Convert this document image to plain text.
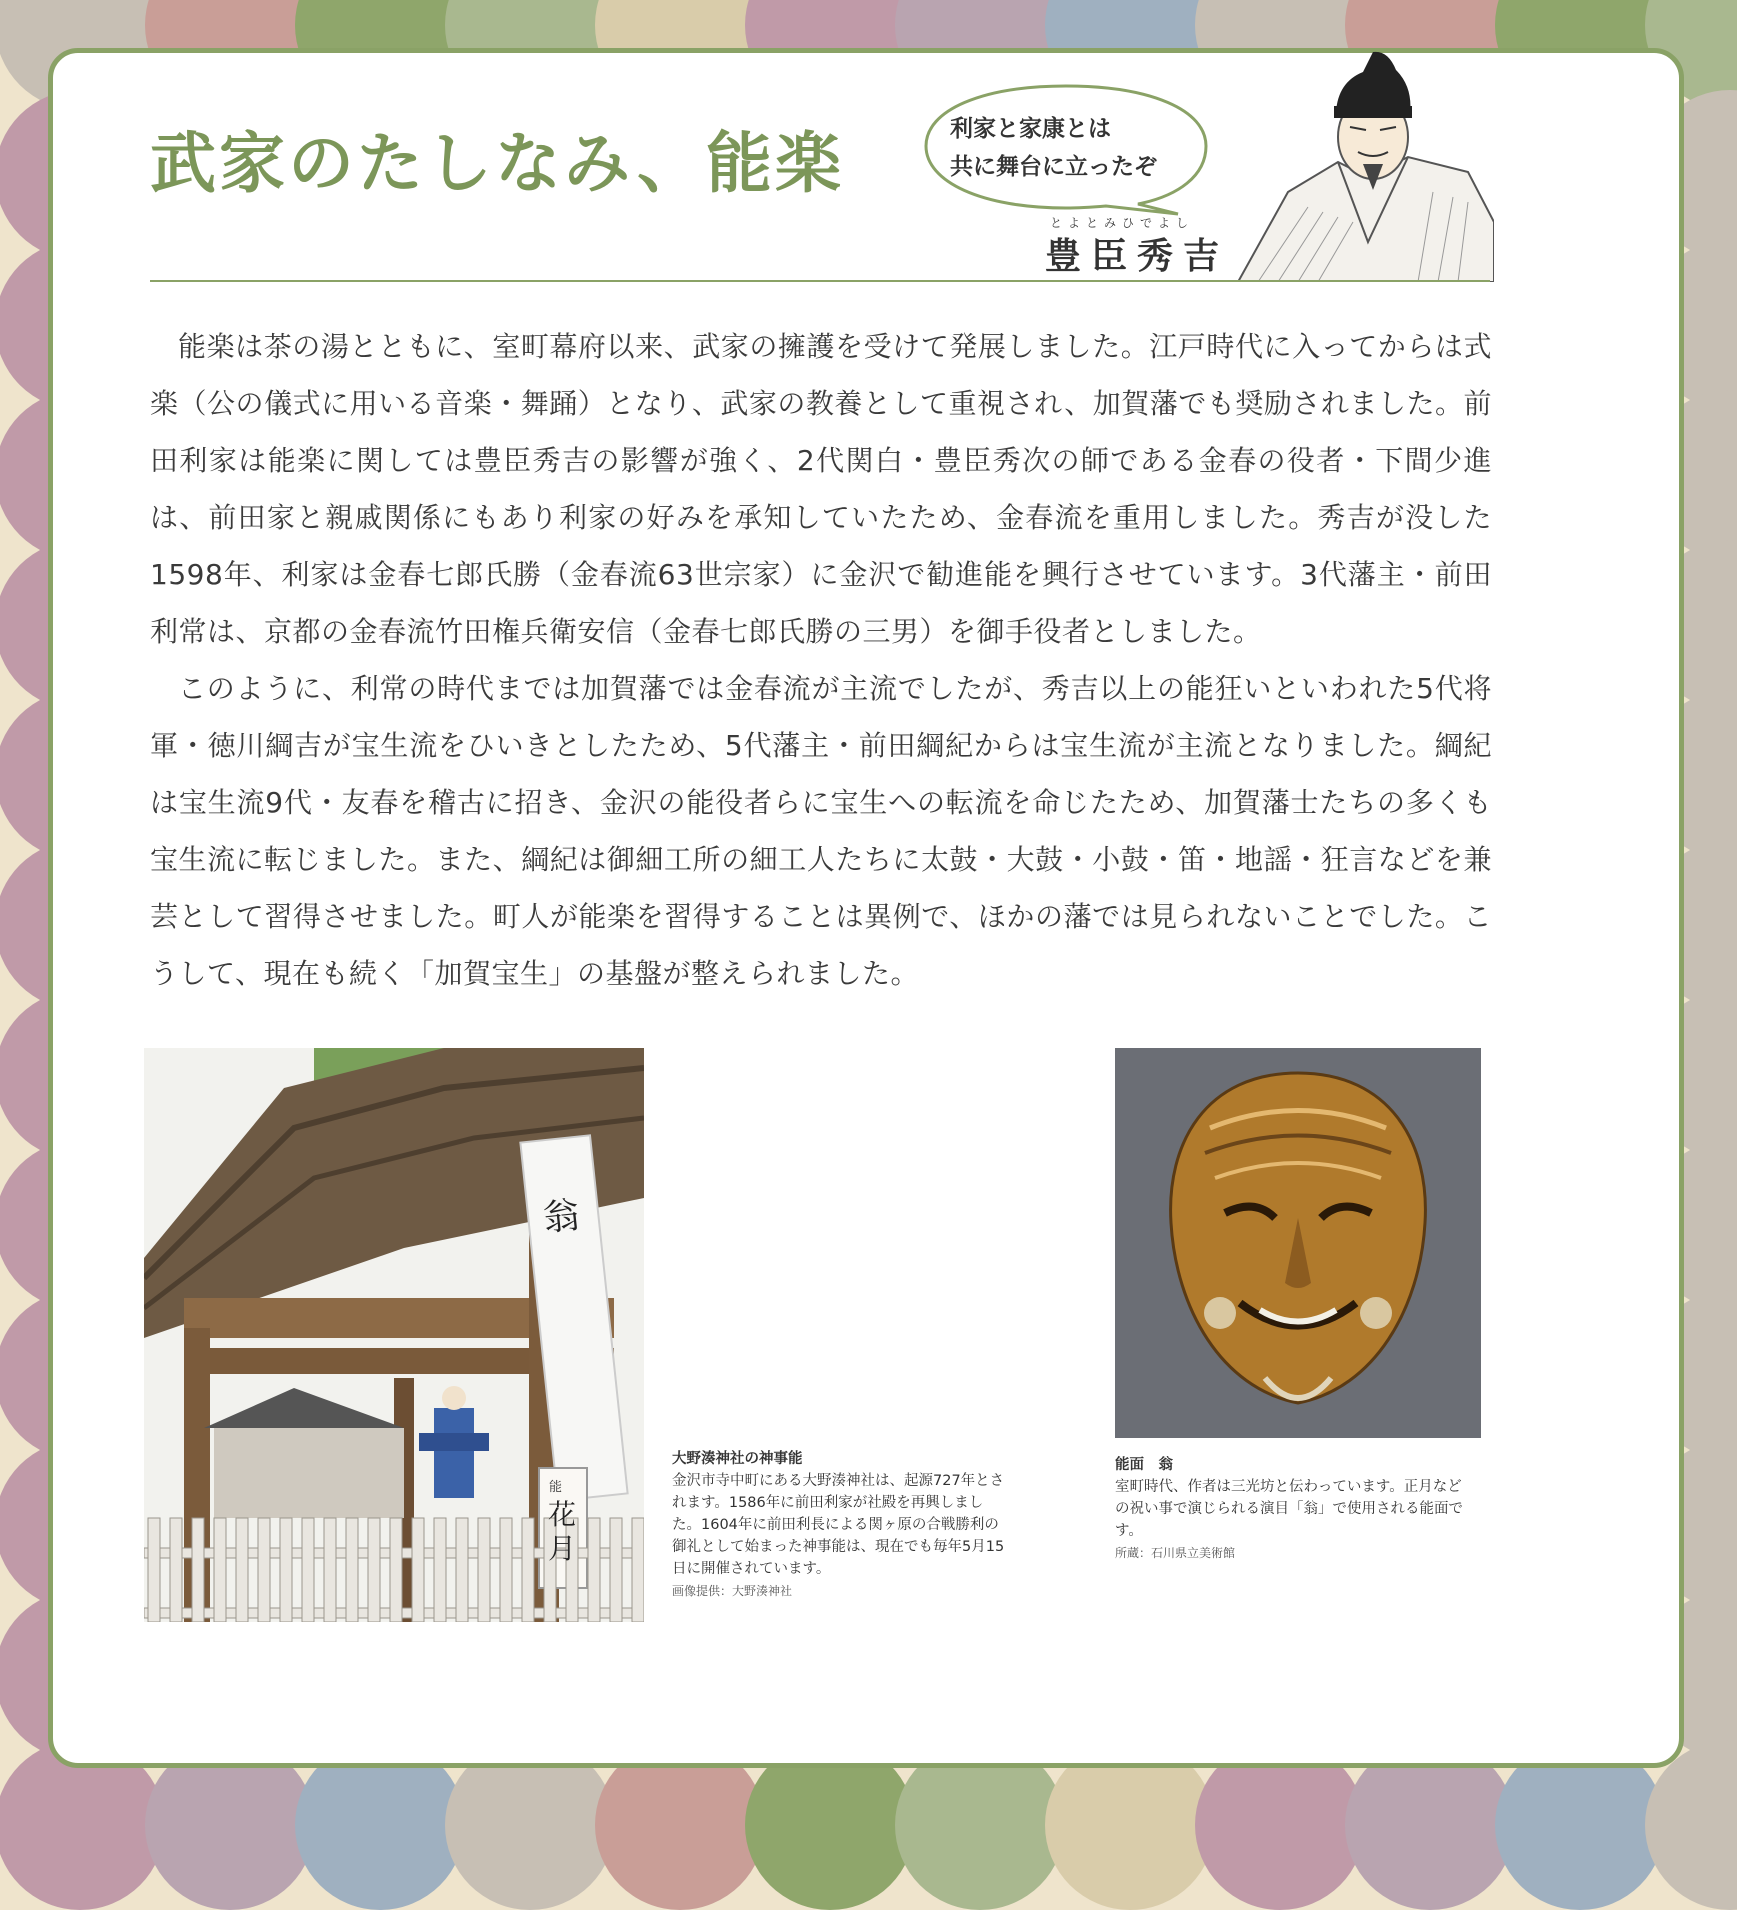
武家のたしなみ、能楽	利家と家康とは
共に舞台に立ったぞ

とよとみひでよし
豊臣秀吉

能楽は茶の湯とともに、室町幕府以来、武家の擁護を受けて発展しました。江戸時代に入ってからは式楽（公の儀式に用いる音楽・舞踊）となり、武家の教養として重視され、加賀藩でも奨励されました。前田利家は能楽に関しては豊臣秀吉の影響が強く、2代関白・豊臣秀次の師である金春の役者・下間少進は、前田家と親戚関係にもあり利家の好みを承知していたため、金春流を重用しました。秀吉が没した1598年、利家は金春七郎氏勝（金春流63世宗家）に金沢で勧進能を興行させています。3代藩主・前田利常は、京都の金春流竹田権兵衛安信（金春七郎氏勝の三男）を御手役者としました。

このように、利常の時代までは加賀藩では金春流が主流でしたが、秀吉以上の能狂いといわれた5代将軍・徳川綱吉が宝生流をひいきとしたため、5代藩主・前田綱紀からは宝生流が主流となりました。綱紀は宝生流9代・友春を稽古に招き、金沢の能役者らに宝生への転流を命じたため、加賀藩士たちの多くも宝生流に転じました。また、綱紀は御細工所の細工人たちに太鼓・大鼓・小鼓・笛・地謡・狂言などを兼芸として習得させました。町人が能楽を習得することは異例で、ほかの藩では見られないことでした。こうして、現在も続く「加賀宝生」の基盤が整えられました。

翁
能
花月

大野湊神社の神事能
金沢市寺中町にある大野湊神社は、起源727年とされます。1586年に前田利家が社殿を再興しました。1604年に前田利長による関ヶ原の合戦勝利の御礼として始まった神事能は、現在でも毎年5月15日に開催されています。
画像提供：大野湊神社

能面　翁
室町時代、作者は三光坊と伝わっています。正月などの祝い事で演じられる演目「翁」で使用される能面です。
所蔵：石川県立美術館
